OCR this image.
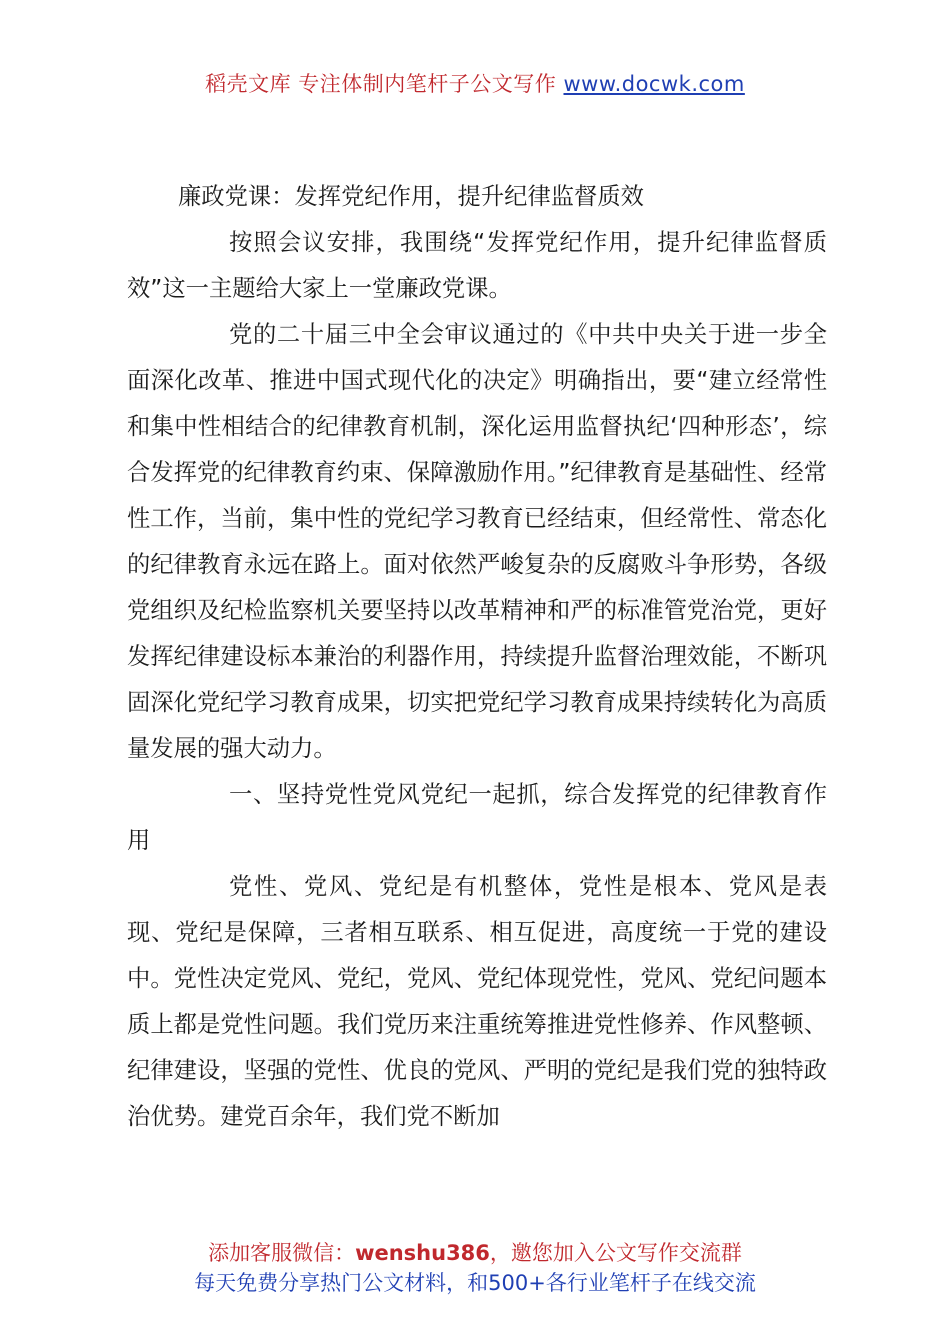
稻壳文库 专注体制内笔杆子公文写作 www.docwk.com

廉政党课：发挥党纪作用，提升纪律监督质效

按照会议安排，我围绕“发挥党纪作用，提升纪律监督质效”这一主题给大家上一堂廉政党课。

党的二十届三中全会审议通过的《中共中央关于进一步全面深化改革、推进中国式现代化的决定》明确指出，要“建立经常性和集中性相结合的纪律教育机制，深化运用监督执纪‘四种形态’，综合发挥党的纪律教育约束、保障激励作用。”纪律教育是基础性、经常性工作，当前，集中性的党纪学习教育已经结束，但经常性、常态化的纪律教育永远在路上。面对依然严峻复杂的反腐败斗争形势，各级党组织及纪检监察机关要坚持以改革精神和严的标准管党治党，更好发挥纪律建设标本兼治的利器作用，持续提升监督治理效能，不断巩固深化党纪学习教育成果，切实把党纪学习教育成果持续转化为高质量发展的强大动力。

一、坚持党性党风党纪一起抓，综合发挥党的纪律教育作用

党性、党风、党纪是有机整体，党性是根本、党风是表现、党纪是保障，三者相互联系、相互促进，高度统一于党的建设中。党性决定党风、党纪，党风、党纪体现党性，党风、党纪问题本质上都是党性问题。我们党历来注重统筹推进党性修养、作风整顿、纪律建设，坚强的党性、优良的党风、严明的党纪是我们党的独特政治优势。建党百余年，我们党不断加

添加客服微信：wenshu386，邀您加入公文写作交流群
每天免费分享热门公文材料，和500+各行业笔杆子在线交流
